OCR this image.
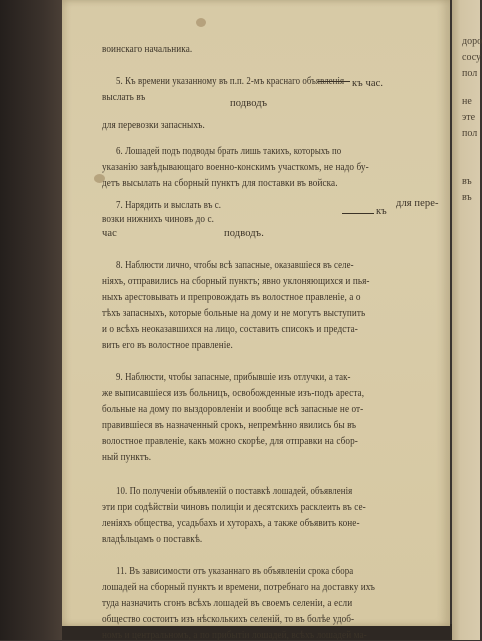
доро
сосу
пол
не
эте
пол
въ
въ
воинскаго начальника.
5. Къ времени указанному въ п.п. 2-мъ краснаго объявленія къ час.
выслать въ
подводъ
для перевозки запасныхъ.
6. Лошадей подъ подводы брать лишь такихъ, которыхъ по
указанію завѣдывающаго военно-конскимъ участкомъ, не надо бу-
детъ высылать на сборный пунктъ для поставки въ войска.
7. Нарядить и выслать въ с.	для пере-
возки нижнихъ чиновъ до с.
къ
час	подводъ.
8. Наблюсти лично, чтобы всѣ запасные, оказавшіеся въ селе-
ніяхъ, отправились на сборный пунктъ; явно уклоняющихся и пья-
ныхъ арестовывать и препровождать въ волостное правленіе, а о
тѣхъ запасныхъ, которые больные на дому и не могутъ выступить
и о всѣхъ неоказавшихся на лицо, составить списокъ и предста-
вить его въ волостное правленіе.
9. Наблюсти, чтобы запасные, прибывшіе изъ отлучки, а так-
же выписавшіеся изъ больницъ, освобожденные изъ-подъ ареста,
больные на дому по выздоровленіи и вообще всѣ запасные не от-
правившіеся въ назначенный срокъ, непремѣнно явились бы въ
волостное правленіе, какъ можно скорѣе, для отправки на сбор-
ный пунктъ.
10. По полученіи объявленій о поставкѣ лошадей, объявленія
эти при содѣйствіи чиновъ полиціи и десятскихъ расклеить въ се-
леніяхъ общества, усадьбахъ и хуторахъ, а также объявить коне-
владѣльцамъ о поставкѣ.
11. Въ зависимости отъ указаннаго въ объявленіи срока сбора
лошадей на сборный пунктъ и времени, потребнаго на доставку ихъ
туда назначить сгонъ всѣхъ лошадей въ своемъ селеніи, а если
общество состоитъ изъ нѣсколькихъ селеній, то въ болѣе удоб-
номъ и центральномъ, а по прибытіи лошадей, всѣхъ лошадей ма-
